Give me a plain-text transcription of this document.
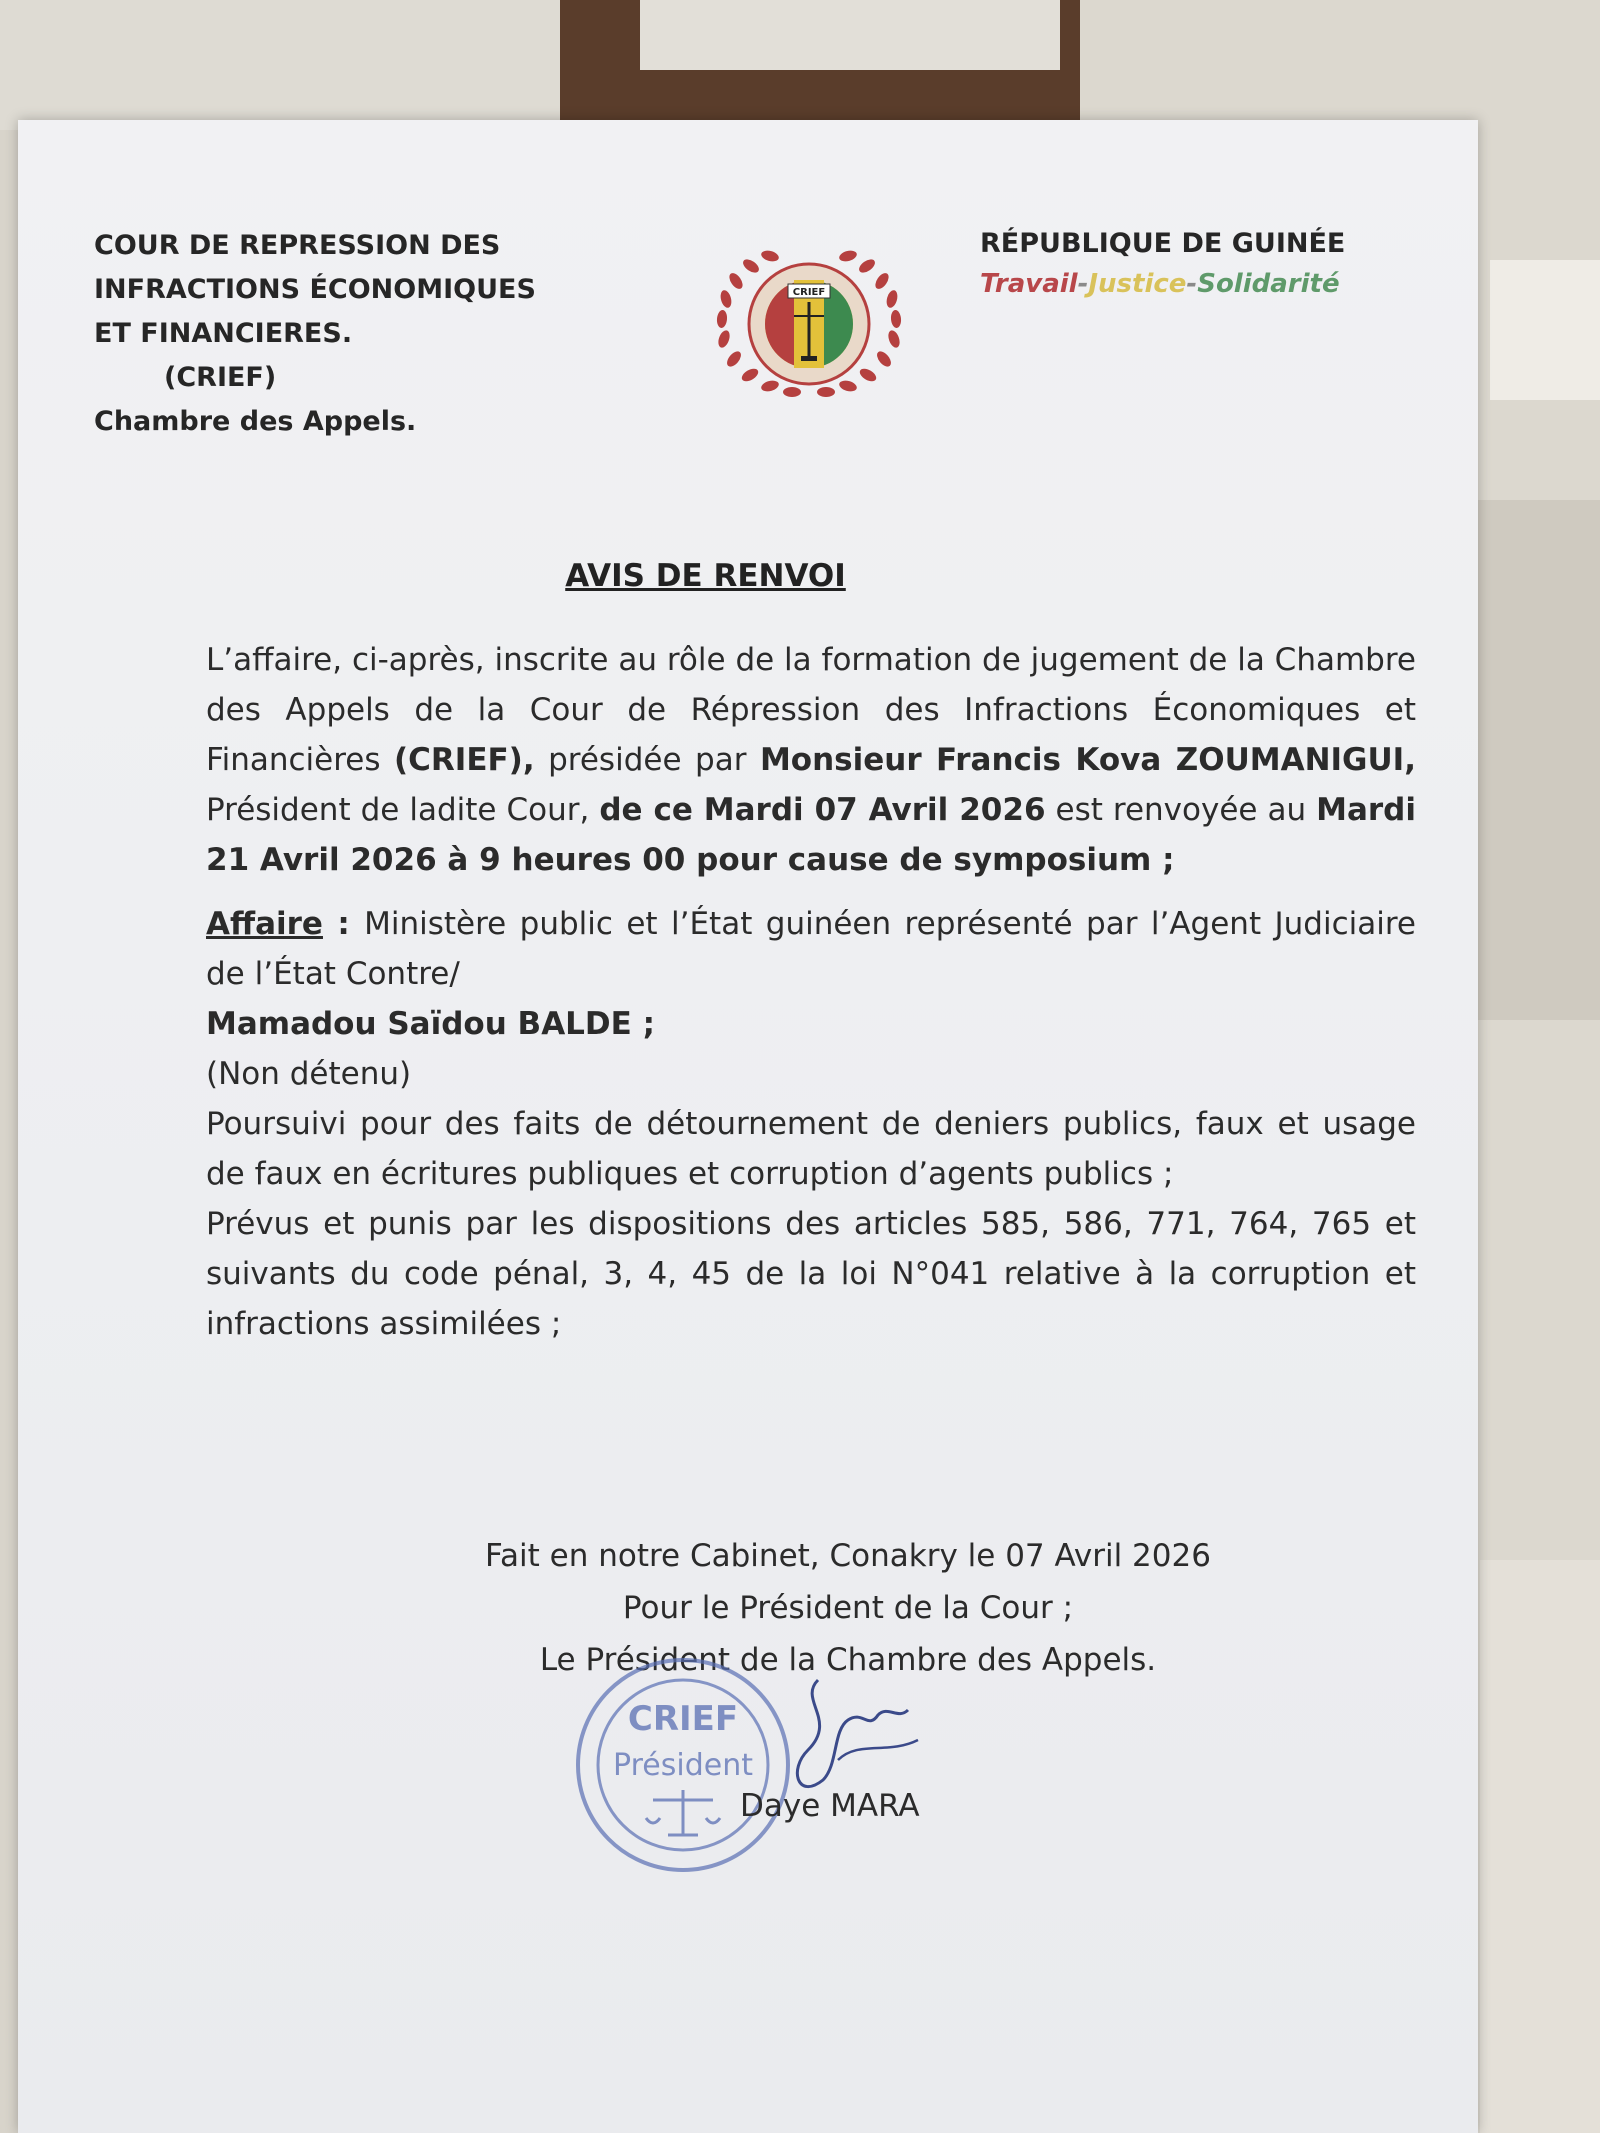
COUR DE REPRESSION DES
INFRACTIONS ÉCONOMIQUES
ET FINANCIERES.
(CRIEF)
Chambre des Appels.
CRIEF
RÉPUBLIQUE DE GUINÉE
Travail-Justice-Solidarité
AVIS DE RENVOI

L’affaire, ci-après, inscrite au rôle de la formation de jugement de la Chambre des Appels de la Cour de Répression des Infractions Économiques et Financières (CRIEF), présidée par Monsieur Francis Kova ZOUMANIGUI, Président de ladite Cour, de ce Mardi 07 Avril 2026 est renvoyée au Mardi 21 Avril 2026 à 9 heures 00 pour cause de symposium ;

Affaire : Ministère public et l’État guinéen représenté par l’Agent Judiciaire de l’État Contre/
Mamadou Saïdou BALDE ;
(Non détenu)
Poursuivi pour des faits de détournement de deniers publics, faux et usage de faux en écritures publiques et corruption d’agents publics ;
Prévus et punis par les dispositions des articles 585, 586, 771, 764, 765 et suivants du code pénal, 3, 4, 45 de la loi N°041 relative à la corruption et infractions assimilées ;

Fait en notre Cabinet, Conakry le 07 Avril 2026
Pour le Président de la Cour ;
Le Président de la Chambre des Appels.
CRIEF
Président
Daye MARA
